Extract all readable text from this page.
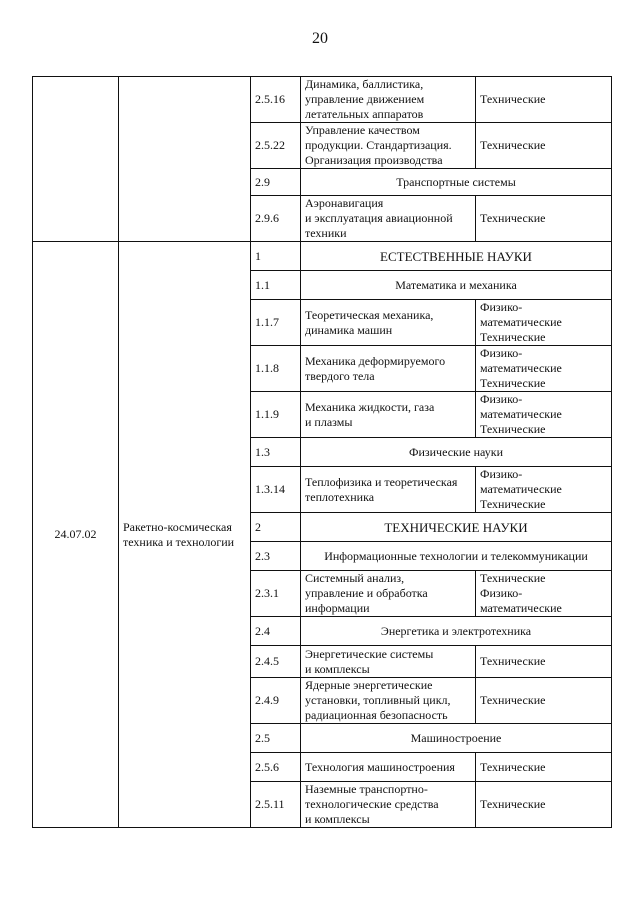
20
		2.5.16	Динамика, баллистика,
управление движением
летательных аппаратов	Технические
		2.5.22	Управление качеством
продукции. Стандартизация.
Организация производства	Технические
		2.9	Транспортные системы	
		2.9.6	Аэронавигация
и эксплуатация авиационной
техники	Технические
24.07.02	Ракетно-космическая
техника и технологии	1	ЕСТЕСТВЕННЫЕ НАУКИ	
		1.1	Математика и механика	
		1.1.7	Теоретическая механика,
динамика машин	Физико-
математические
Технические
		1.1.8	Механика деформируемого
твердого тела	Физико-
математические
Технические
		1.1.9	Механика жидкости, газа
и плазмы	Физико-
математические
Технические
		1.3	Физические науки	
		1.3.14	Теплофизика и теоретическая
теплотехника	Физико-
математические
Технические
		2	ТЕХНИЧЕСКИЕ НАУКИ	
		2.3	Информационные технологии и телекоммуникации	
		2.3.1	Системный анализ,
управление и обработка
информации	Технические
Физико-
математические
		2.4	Энергетика и электротехника	
		2.4.5	Энергетические системы
и комплексы	Технические
		2.4.9	Ядерные энергетические
установки, топливный цикл,
радиационная безопасность	Технические
		2.5	Машиностроение	
		2.5.6	Технология машиностроения	Технические
		2.5.11	Наземные транспортно-
технологические средства
и комплексы	Технические
